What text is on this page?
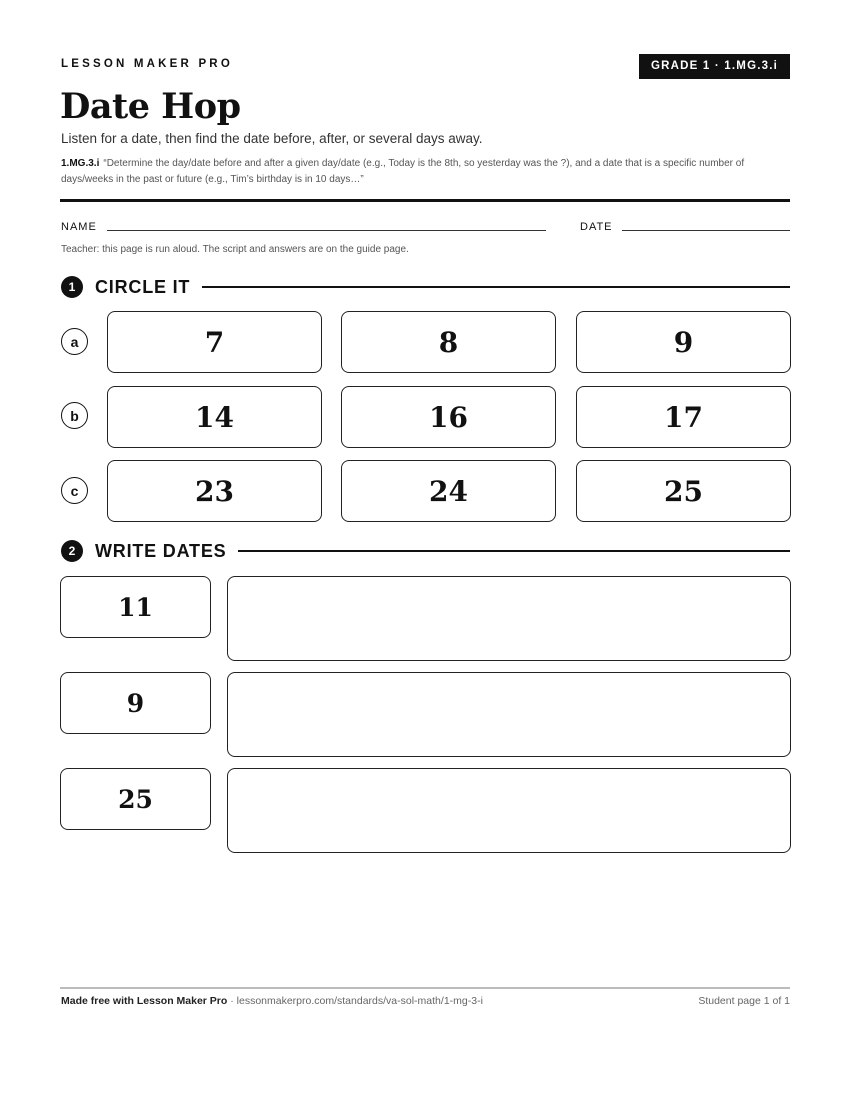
LESSON MAKER PRO	GRADE 1 · 1.MG.3.i
Date Hop

Listen for a date, then find the date before, after, or several days away.

1.MG.3.i “Determine the day/date before and after a given day/date (e.g., Today is the 8th, so yesterday was the ?), and a date that is a specific number of days/weeks in the past or future (e.g., Tim’s birthday is in 10 days…”

NAME	DATE

Teacher: this page is run aloud. The script and answers are on the guide page.

1	CIRCLE IT
a	7	8	9
b	14	16	17
c	23	24	25
2	WRITE DATES
11
9
25
Made free with Lesson Maker Pro · lessonmakerpro.com/standards/va-sol-math/1-mg-3-i	Student page 1 of 1
